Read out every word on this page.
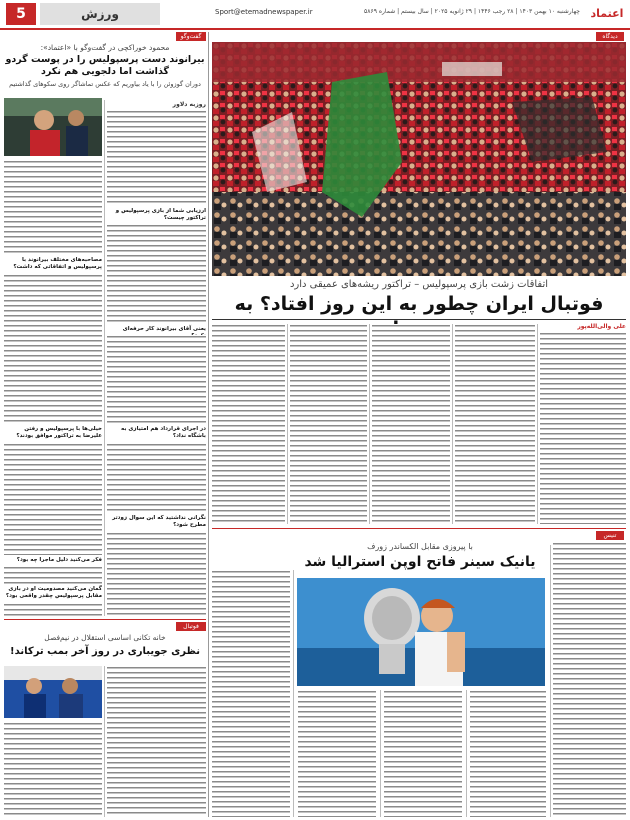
5	ورزش	Sport@etemadnewspaper.ir	چهارشنبه ۱۰ بهمن ۱۴۰۳ | ۲۸ رجب ۱۴۴۶ | ۲۹ ژانویه ۲۰۲۵ | سال بیستم | شماره ۵۸۶۹ اعتماد
دیدگاه
اتفاقات زشت بازی پرسپولیس – تراکتور ریشه‌های عمیقی دارد
فوتبال ایران چطور به این روز افتاد؟ به
علی والی‌الله‌پور
تنیس
با پیروزی مقابل الکساندر زورف
یانیک سینر فاتح اوپن استرالیا شد
گفت‌وگو
محمود خوراکچی در گفت‌وگو با «اعتماد»:
بیرانوند دست پرسپولیس را در پوست گردو گذاشت اما دلجویی هم نکرد
دوران گوزوئن را با یاد بیاوریم که عکس تماشاگر روی سکوهای گذاشتیم
روزبه دلاور
ارزیابی شما از بازی پرسپولیس و تراکتور چیست؟
یعنی آقای بیرانوند کار حرفه‌ای
در اجرای قرارداد هم امتیازی به باشگاه نداد؟
نگرانی نداشتید که این سوال زودتر مطرح شود؟
مصاحبه‌های مختلف بیرانوند با پرسپولیس و اتفاقاتی که داشت؟
خیلی‌ها با پرسپولیس و رفتن علیرضا به تراکتور موافق بودند؟
فکر می‌کنید دلیل ماجرا چه بود؟
گمان می‌کنید مصدومیت او در بازی مقابل پرسپولیس چقدر واقعی بود؟
فوتبال
خانه تکانی اساسی استقلال در نیم‌فصل
نظری جویباری در روز آخر بمب ترکاند!
